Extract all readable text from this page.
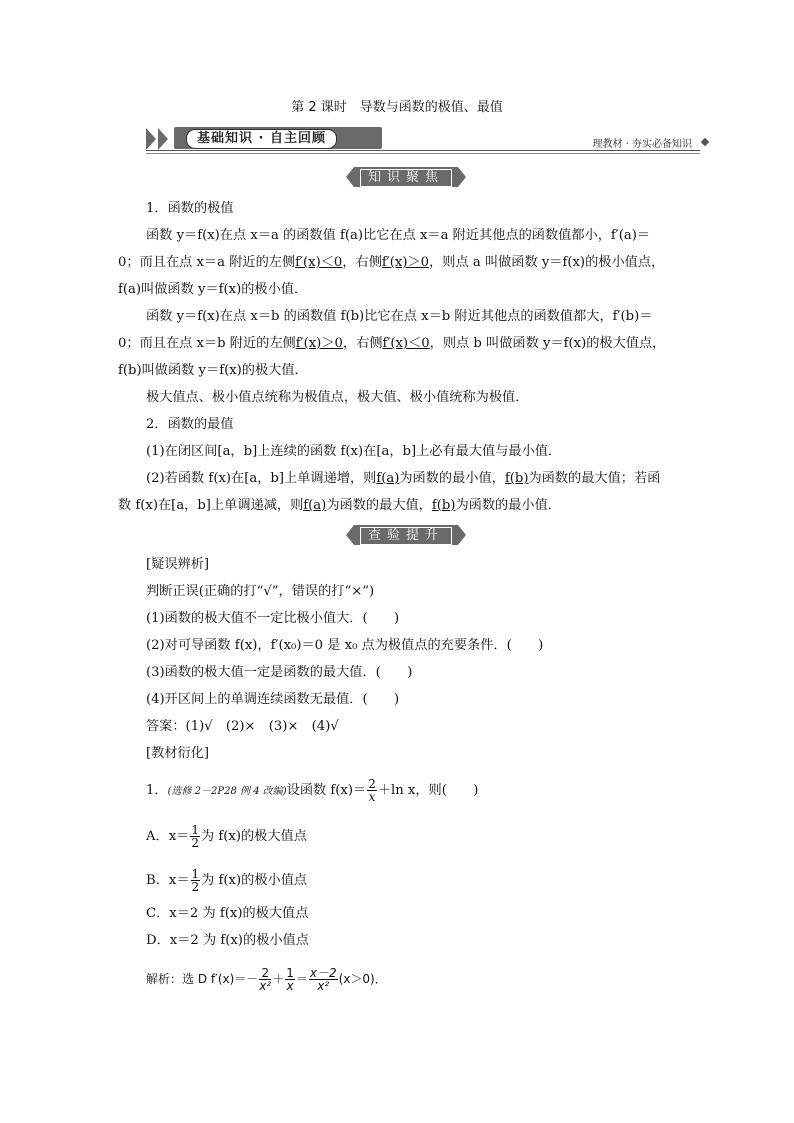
第 2 课时　导数与函数的极值、最值
基础知识 · 自主回顾	理教材 · 夯实必备知识
知识聚焦
1．函数的极值
函数 y＝f(x)在点 x＝a 的函数值 f(a)比它在点 x＝a 附近其他点的函数值都小，f′(a)＝
0；而且在点 x＝a 附近的左侧f′(x)＜0，右侧f′(x)＞0，则点 a 叫做函数 y＝f(x)的极小值点，
f(a)叫做函数 y＝f(x)的极小值．
函数 y＝f(x)在点 x＝b 的函数值 f(b)比它在点 x＝b 附近其他点的函数值都大，f′(b)＝
0；而且在点 x＝b 附近的左侧f′(x)＞0，右侧f′(x)＜0，则点 b 叫做函数 y＝f(x)的极大值点，
f(b)叫做函数 y＝f(x)的极大值．
极大值点、极小值点统称为极值点，极大值、极小值统称为极值．
2．函数的最值
(1)在闭区间[a，b]上连续的函数 f(x)在[a，b]上必有最大值与最小值．
(2)若函数 f(x)在[a，b]上单调递增，则f(a)为函数的最小值，f(b)为函数的最大值；若函
数 f(x)在[a，b]上单调递减，则f(a)为函数的最大值，f(b)为函数的最小值．
查验提升
[疑误辨析]
判断正误(正确的打“√”，错误的打“×”)
(1)函数的极大值不一定比极小值大．(　　)
(2)对可导函数 f(x)，f′(x₀)＝0 是 x₀ 点为极值点的充要条件．(　　)
(3)函数的极大值一定是函数的最大值．(　　)
(4)开区间上的单调连续函数无最值．(　　)
答案：(1)√　(2)×　(3)×　(4)√
[教材衍化]
1．(选修 2－2P28 例 4 改编)设函数 $f(x)= \frac{2}{x} +\ln$ x，则(　　)
A．$x= \frac{1}{2}$ 为 f(x)的极大值点
B．$x= \frac{1}{2}$ 为 f(x)的极小值点
C．x＝2 为 f(x)的极大值点
D．x＝2 为 f(x)的极小值点
解析：选 D $f'(x)=- \frac{2}{\text{x²}} + \frac{1}{x} = \frac{x-2}{\text{x²}} (x>0)$．
